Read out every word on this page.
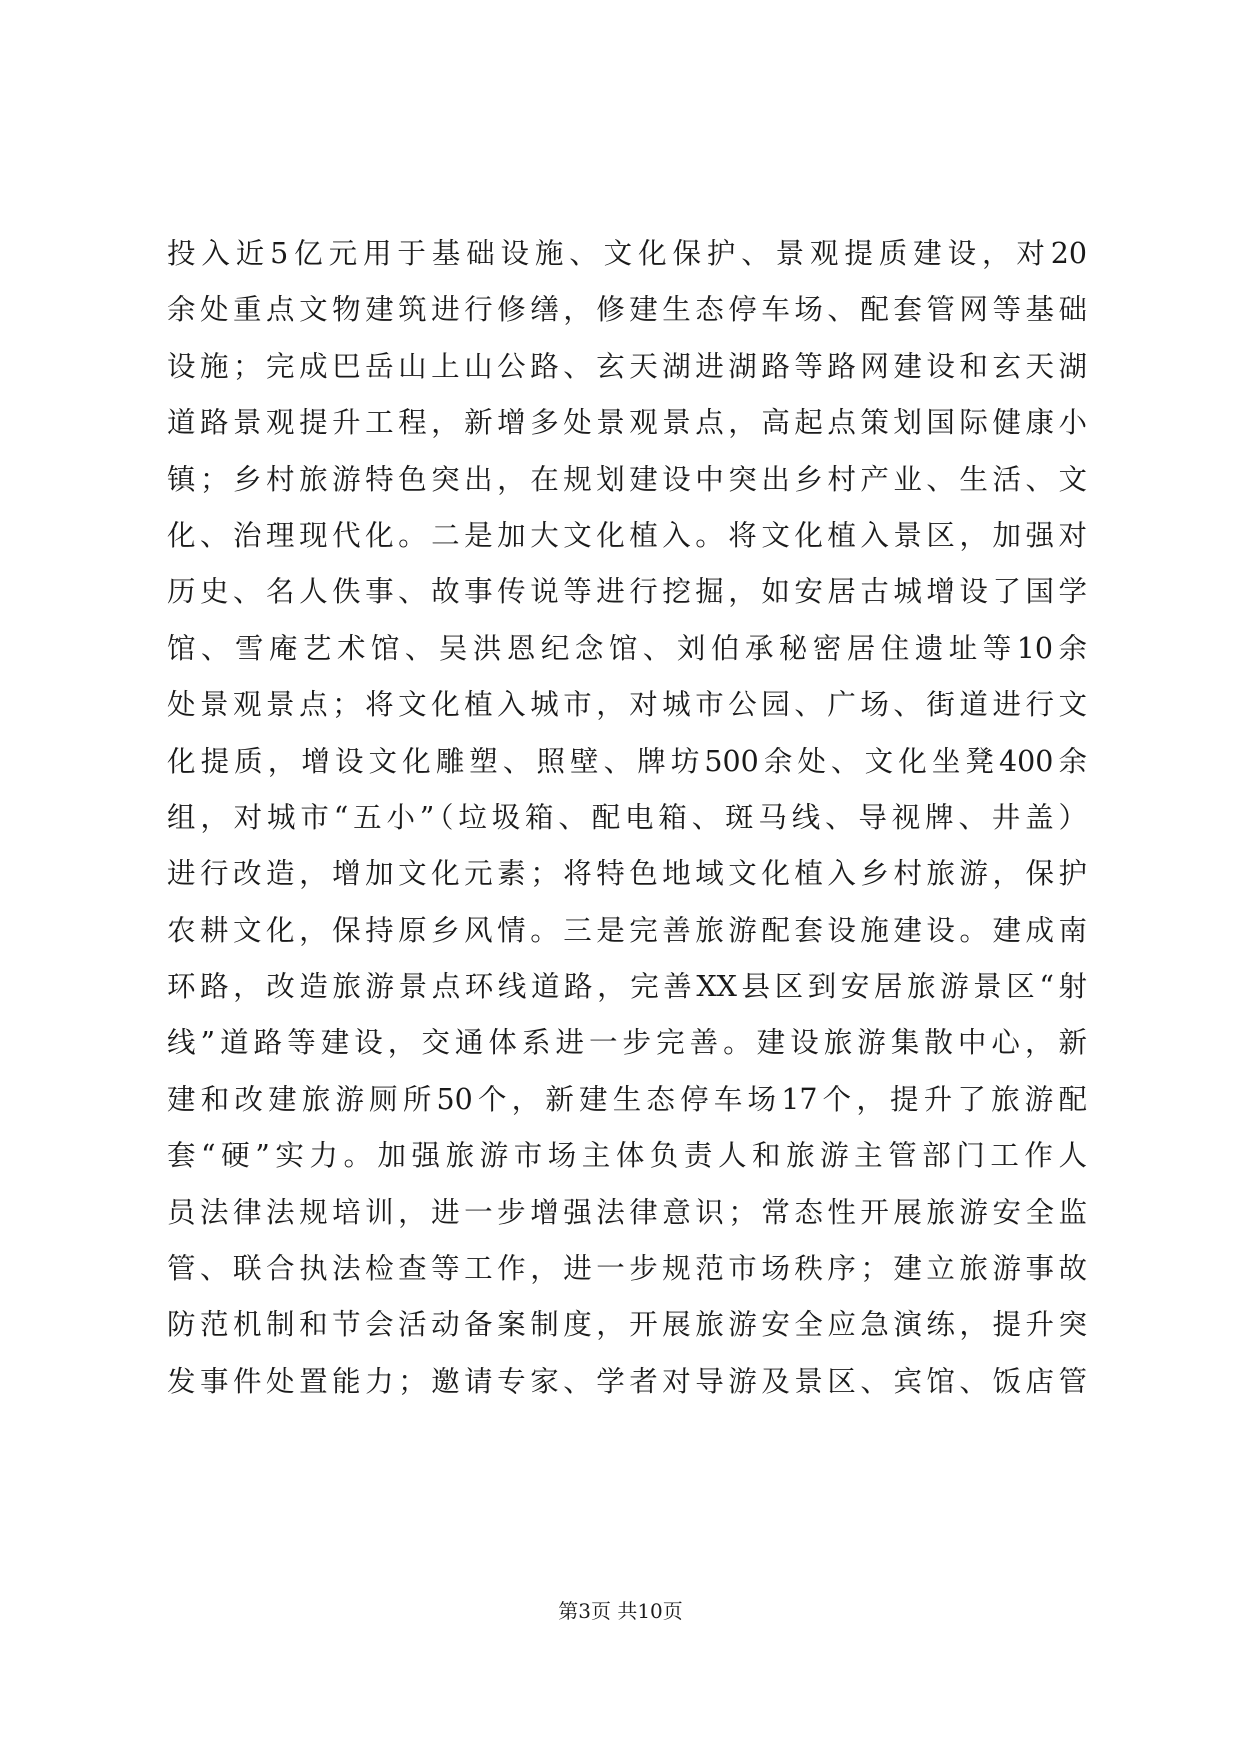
投入近5亿元用于基础设施、文化保护、景观提质建设，对20
余处重点文物建筑进行修缮，修建生态停车场、配套管网等基础
设施；完成巴岳山上山公路、玄天湖进湖路等路网建设和玄天湖
道路景观提升工程，新增多处景观景点，高起点策划国际健康小
镇；乡村旅游特色突出，在规划建设中突出乡村产业、生活、文
化、治理现代化。二是加大文化植入。将文化植入景区，加强对
历史、名人佚事、故事传说等进行挖掘，如安居古城增设了国学
馆、雪庵艺术馆、吴洪恩纪念馆、刘伯承秘密居住遗址等10余
处景观景点；将文化植入城市，对城市公园、广场、街道进行文
化提质，增设文化雕塑、照壁、牌坊500余处、文化坐凳400余
组，对城市“五小”（垃圾箱、配电箱、斑马线、导视牌、井盖）
进行改造，增加文化元素；将特色地域文化植入乡村旅游，保护
农耕文化，保持原乡风情。三是完善旅游配套设施建设。建成南
环路，改造旅游景点环线道路，完善XX县区到安居旅游景区“射
线”道路等建设，交通体系进一步完善。建设旅游集散中心，新
建和改建旅游厕所50个，新建生态停车场17个，提升了旅游配
套“硬”实力。加强旅游市场主体负责人和旅游主管部门工作人
员法律法规培训，进一步增强法律意识；常态性开展旅游安全监
管、联合执法检查等工作，进一步规范市场秩序；建立旅游事故
防范机制和节会活动备案制度，开展旅游安全应急演练，提升突
发事件处置能力；邀请专家、学者对导游及景区、宾馆、饭店管
第3页 共10页
